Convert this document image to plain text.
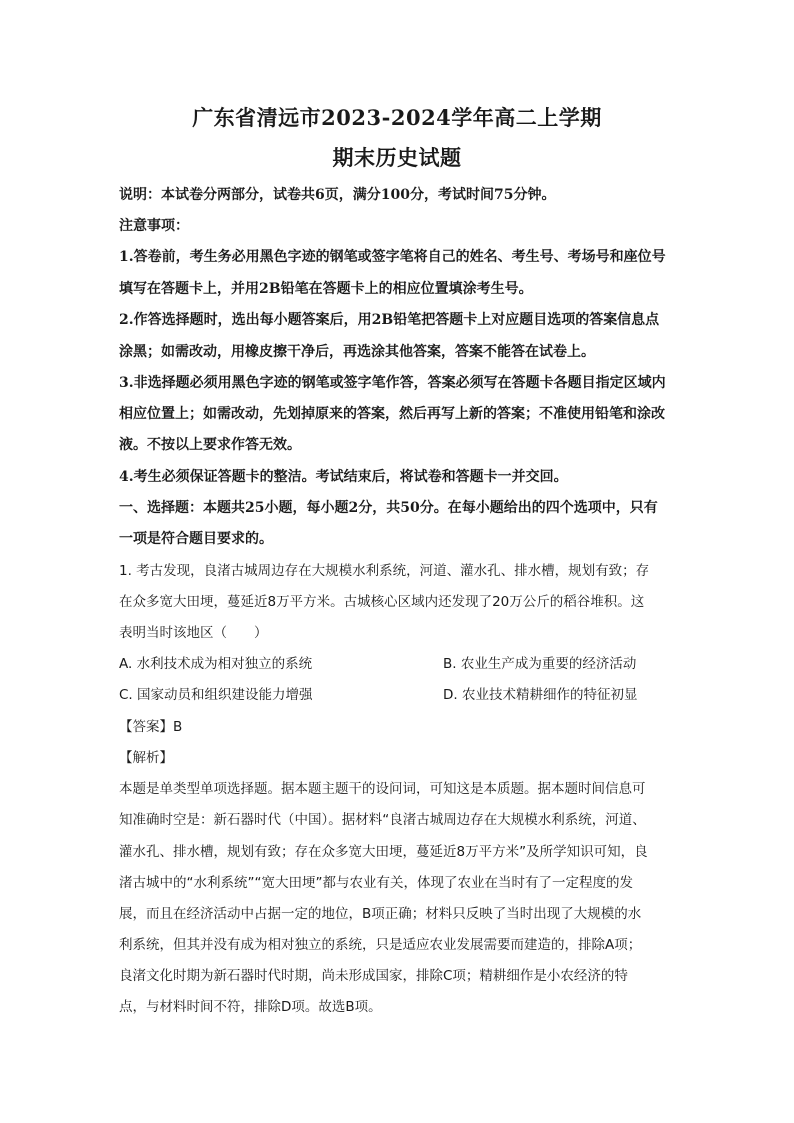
广东省清远市2023-2024学年高二上学期
期末历史试题
说明：本试卷分两部分，试卷共6页，满分100分，考试时间75分钟。
注意事项：
1.答卷前，考生务必用黑色字迹的钢笔或签字笔将自己的姓名、考生号、考场号和座位号
填写在答题卡上，并用2B铅笔在答题卡上的相应位置填涂考生号。
2.作答选择题时，选出每小题答案后，用2B铅笔把答题卡上对应题目选项的答案信息点
涂黑；如需改动，用橡皮擦干净后，再选涂其他答案，答案不能答在试卷上。
3.非选择题必须用黑色字迹的钢笔或签字笔作答，答案必须写在答题卡各题目指定区域内
相应位置上；如需改动，先划掉原来的答案，然后再写上新的答案；不准使用铅笔和涂改
液。不按以上要求作答无效。
4.考生必须保证答题卡的整洁。考试结束后，将试卷和答题卡一并交回。
一、选择题：本题共25小题，每小题2分，共50分。在每小题给出的四个选项中，只有
一项是符合题目要求的。
1. 考古发现，良渚古城周边存在大规模水利系统，河道、灌水孔、排水槽，规划有致；存
在众多宽大田埂，蔓延近8万平方米。古城核心区域内还发现了20万公斤的稻谷堆积。这
表明当时该地区（　　）
A. 水利技术成为相对独立的系统	B. 农业生产成为重要的经济活动
C. 国家动员和组织建设能力增强	D. 农业技术精耕细作的特征初显
【答案】B
【解析】
本题是单类型单项选择题。据本题主题干的设问词，可知这是本质题。据本题时间信息可
知准确时空是：新石器时代（中国）。据材料“良渚古城周边存在大规模水利系统，河道、
灌水孔、排水槽，规划有致；存在众多宽大田埂，蔓延近8万平方米”及所学知识可知，良
渚古城中的“水利系统”“宽大田埂”都与农业有关，体现了农业在当时有了一定程度的发
展，而且在经济活动中占据一定的地位，B项正确；材料只反映了当时出现了大规模的水
利系统，但其并没有成为相对独立的系统，只是适应农业发展需要而建造的，排除A项；
良渚文化时期为新石器时代时期，尚未形成国家，排除C项；精耕细作是小农经济的特
点，与材料时间不符，排除D项。故选B项。
